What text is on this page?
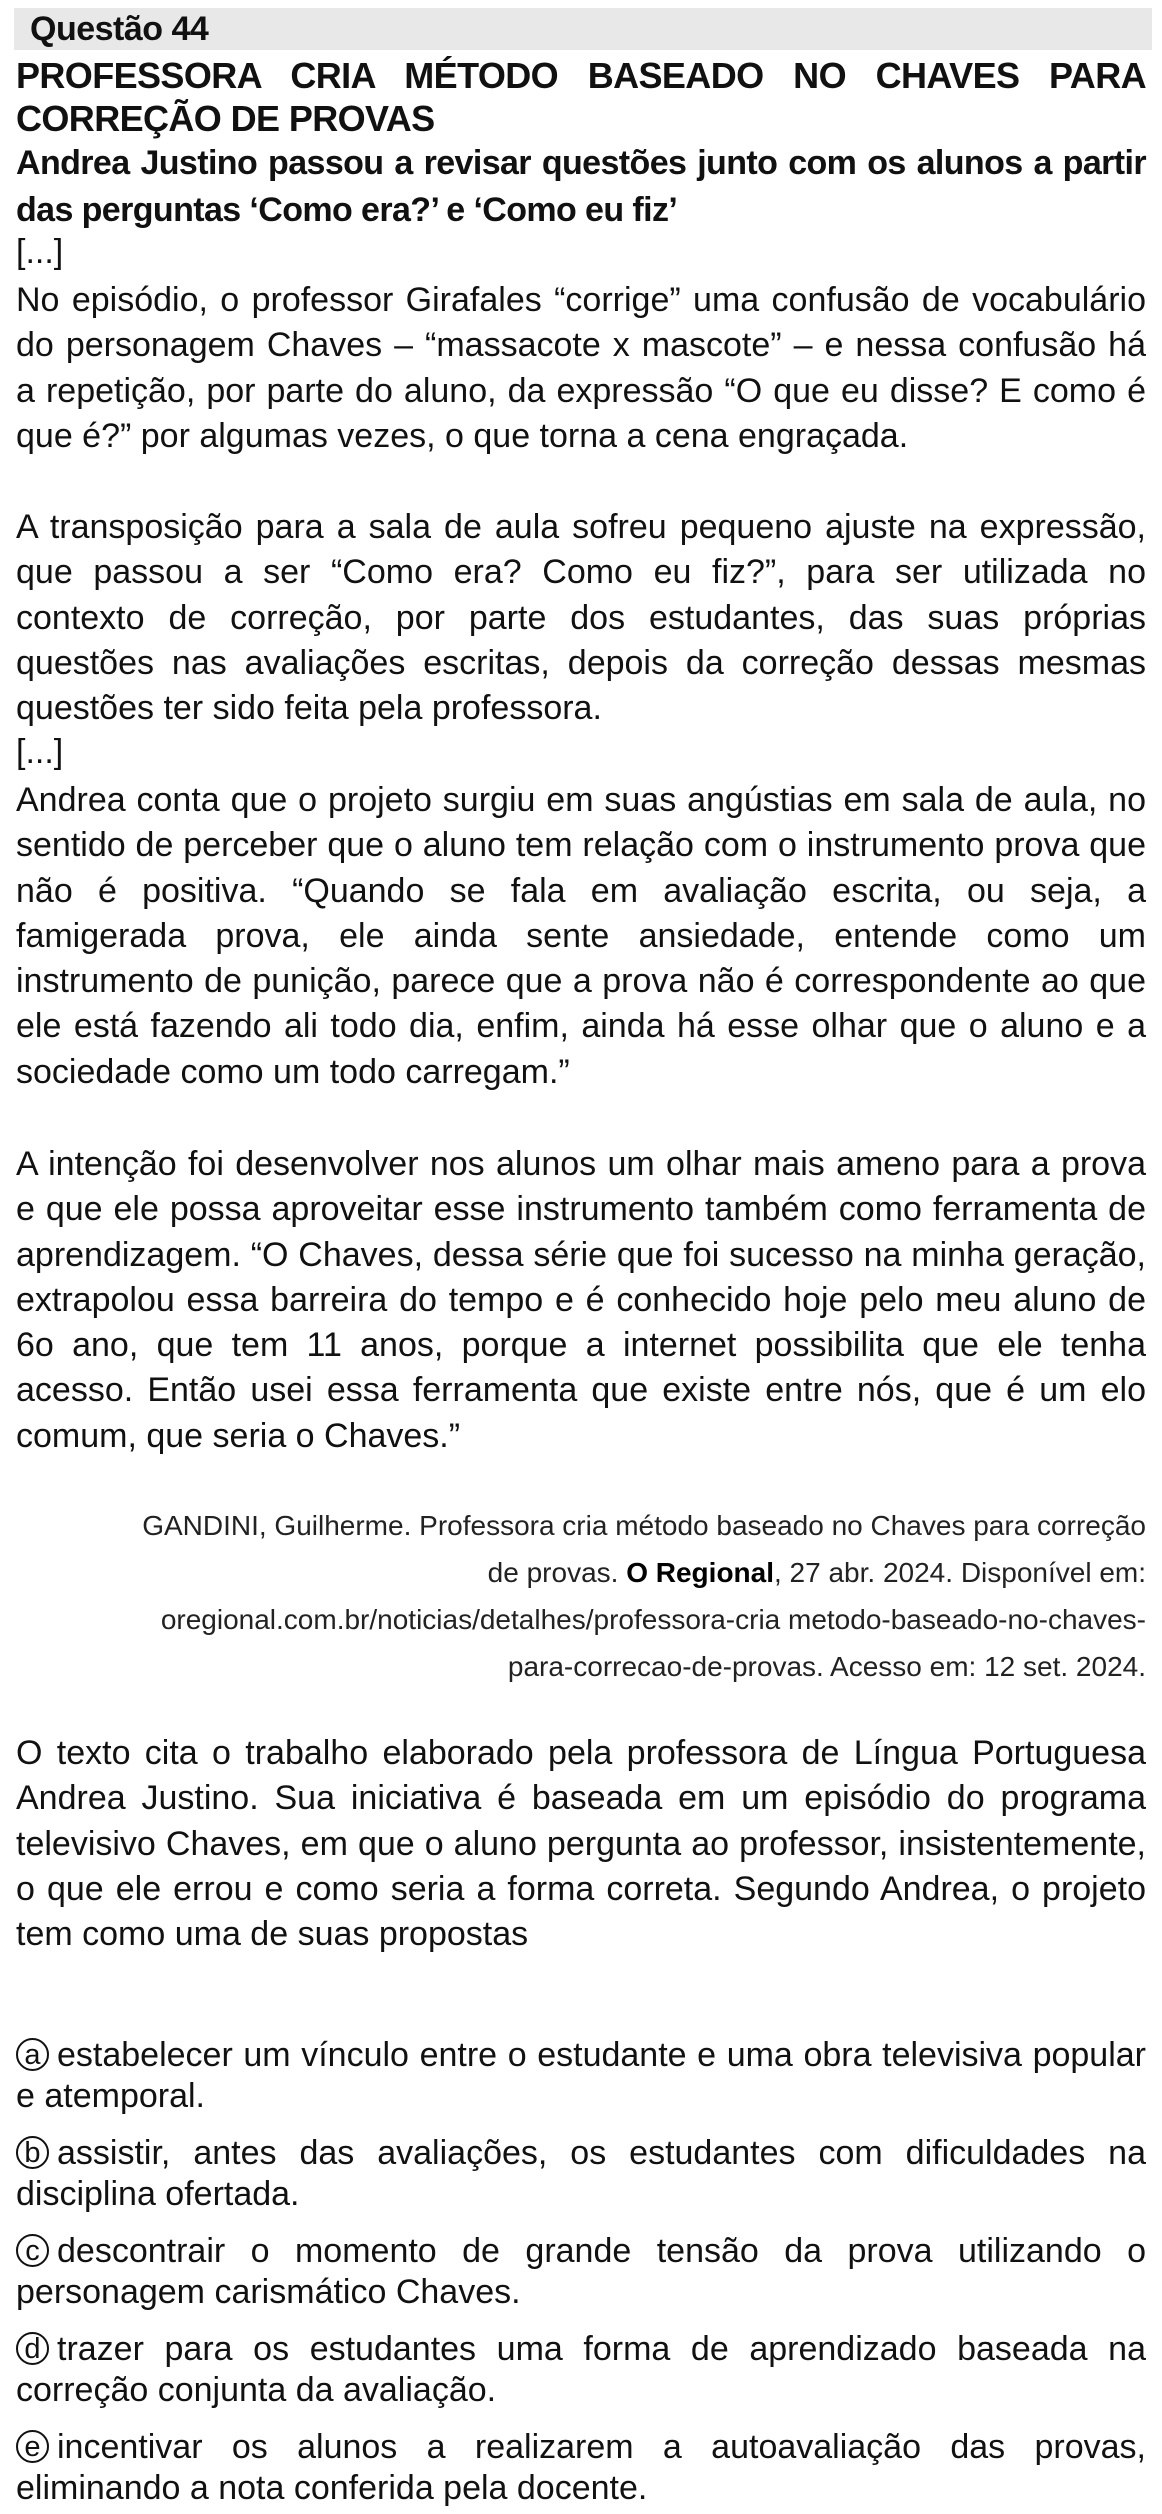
Questão 44
PROFESSORA CRIA MÉTODO BASEADO NO CHAVES PARA CORREÇÃO DE PROVAS
Andrea Justino passou a revisar questões junto com os alunos a partir das perguntas ‘Como era?’ e ‘Como eu fiz’
[...]
No episódio, o professor Girafales “corrige” uma confusão de vocabulário do personagem Chaves – “massacote x mascote” – e nessa confusão há a repetição, por parte do aluno, da expressão “O que eu disse? E como é que é?” por algumas vezes, o que torna a cena engraçada.
A transposição para a sala de aula sofreu pequeno ajuste na expressão, que passou a ser “Como era? Como eu fiz?”, para ser utilizada no contexto de correção, por parte dos estudantes, das suas próprias questões nas avaliações escritas, depois da correção dessas mesmas questões ter sido feita pela professora.
[...]
Andrea conta que o projeto surgiu em suas angústias em sala de aula, no sentido de perceber que o aluno tem relação com o instrumento prova que não é positiva. “Quando se fala em avaliação escrita, ou seja, a famigerada prova, ele ainda sente ansiedade, entende como um instrumento de punição, parece que a prova não é correspondente ao que ele está fazendo ali todo dia, enfim, ainda há esse olhar que o aluno e a sociedade como um todo carregam.”
A intenção foi desenvolver nos alunos um olhar mais ameno para a prova e que ele possa aproveitar esse instrumento também como ferramenta de aprendizagem. “O Chaves, dessa série que foi sucesso na minha geração, extrapolou essa barreira do tempo e é conhecido hoje pelo meu aluno de 6o ano, que tem 11 anos, porque a internet possibilita que ele tenha acesso. Então usei essa ferramenta que existe entre nós, que é um elo comum, que seria o Chaves.”
GANDINI, Guilherme. Professora cria método baseado no Chaves para correção
de provas. O Regional, 27 abr. 2024. Disponível em:
oregional.com.br/noticias/detalhes/professora-cria metodo-baseado-no-chaves-
para-correcao-de-provas. Acesso em: 12 set. 2024.
O texto cita o trabalho elaborado pela professora de Língua Portuguesa Andrea Justino. Sua iniciativa é baseada em um episódio do programa televisivo Chaves, em que o aluno pergunta ao professor, insistentemente, o que ele errou e como seria a forma correta. Segundo Andrea, o projeto tem como uma de suas propostas
a estabelecer um vínculo entre o estudante e uma obra televisiva popular e atemporal.
b assistir, antes das avaliações, os estudantes com dificuldades na disciplina ofertada.
c descontrair o momento de grande tensão da prova utilizando o personagem carismático Chaves.
d trazer para os estudantes uma forma de aprendizado baseada na correção conjunta da avaliação.
e incentivar os alunos a realizarem a autoavaliação das provas, eliminando a nota conferida pela docente.
